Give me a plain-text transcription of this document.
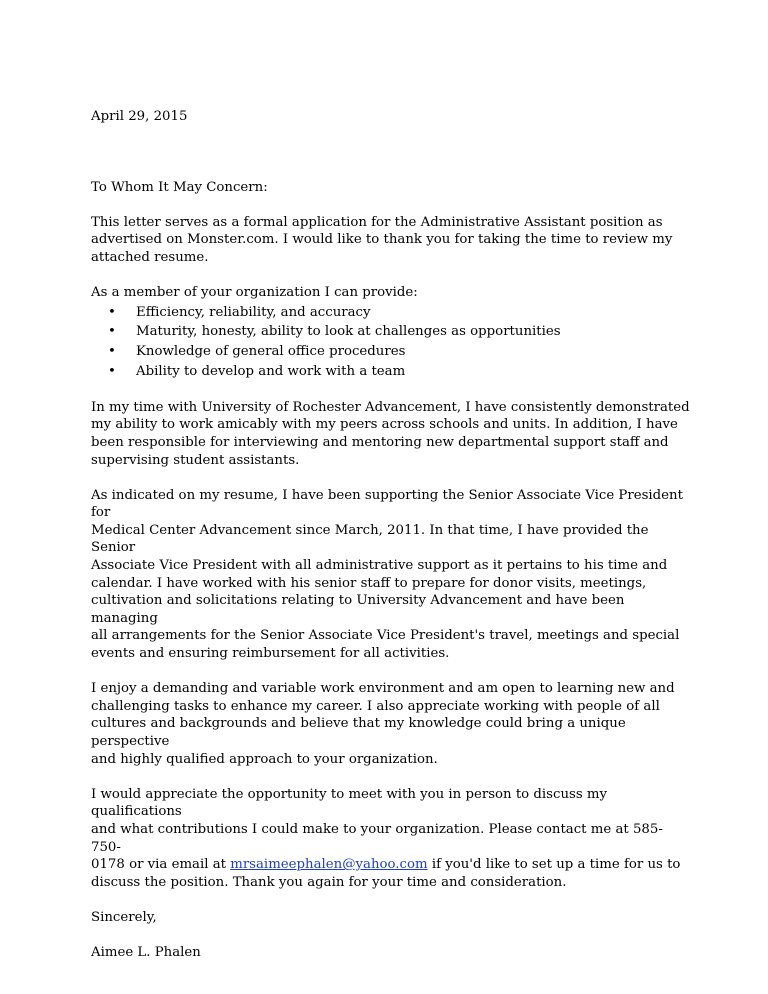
April 29, 2015

To Whom It May Concern:

This letter serves as a formal application for the Administrative Assistant position as
advertised on Monster.com. I would like to thank you for taking the time to review my
attached resume.

As a member of your organization I can provide:

• Efficiency, reliability, and accuracy
• Maturity, honesty, ability to look at challenges as opportunities
• Knowledge of general office procedures
• Ability to develop and work with a team

In my time with University of Rochester Advancement, I have consistently demonstrated
my ability to work amicably with my peers across schools and units. In addition, I have
been responsible for interviewing and mentoring new departmental support staff and
supervising student assistants.

As indicated on my resume, I have been supporting the Senior Associate Vice President for
Medical Center Advancement since March, 2011. In that time, I have provided the Senior
Associate Vice President with all administrative support as it pertains to his time and
calendar. I have worked with his senior staff to prepare for donor visits, meetings,
cultivation and solicitations relating to University Advancement and have been managing
all arrangements for the Senior Associate Vice President's travel, meetings and special
events and ensuring reimbursement for all activities.

I enjoy a demanding and variable work environment and am open to learning new and
challenging tasks to enhance my career. I also appreciate working with people of all
cultures and backgrounds and believe that my knowledge could bring a unique perspective
and highly qualified approach to your organization.

I would appreciate the opportunity to meet with you in person to discuss my qualifications
and what contributions I could make to your organization. Please contact me at 585-750-
0178 or via email at mrsaimeephalen@yahoo.com if you'd like to set up a time for us to
discuss the position. Thank you again for your time and consideration.

Sincerely,

Aimee L. Phalen
